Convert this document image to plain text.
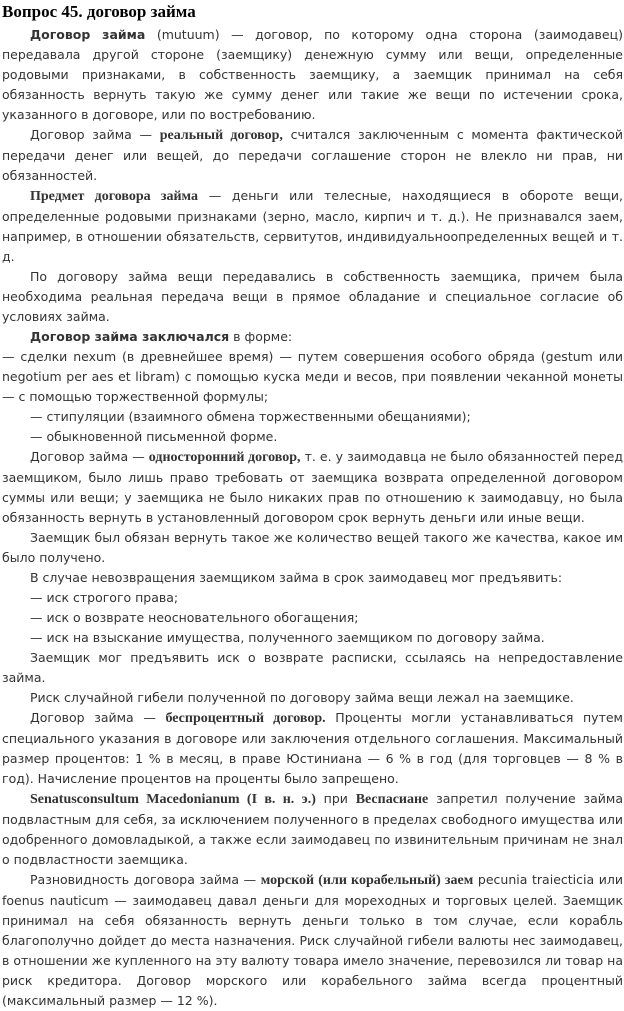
Вопрос 45. договор займа

Договор займа (mutuum) — договор, по которому одна сторона (заимодавец) передавала другой стороне (заемщику) денежную сумму или вещи, определенные родовыми признаками, в собственность заемщику, а заемщик принимал на себя обязанность вернуть такую же сумму денег или такие же вещи по истечении срока, указанного в договоре, или по востребованию.

Договор займа — реальный договор, считался заключенным с момента фактической передачи денег или вещей, до передачи соглашение сторон не влекло ни прав, ни обязанностей.

Предмет договора займа — деньги или телесные, находящиеся в обороте вещи, определенные родовыми признаками (зерно, масло, кирпич и т. д.). Не признавался заем, например, в отношении обязательств, сервитутов, индивидуальноопределенных вещей и т. д.

По договору займа вещи передавались в собственность заемщика, причем была необходима реальная передача вещи в прямое обладание и специальное согласие об условиях займа.

Договор займа заключался в форме:

— сделки nexum (в древнейшее время) — путем совершения особого обряда (gestum или negotium per aes et libram) с помощью куска меди и весов, при появлении чеканной монеты — с помощью торжественной формулы;

— стипуляции (взаимного обмена торжественными обещаниями);

— обыкновенной письменной форме.

Договор займа — односторонний договор, т. е. у заимодавца не было обязанностей перед заемщиком, было лишь право требовать от заемщика возврата определенной договором суммы или вещи; у заемщика не было никаких прав по отношению к заимодавцу, но была обязанность вернуть в установленный договором срок вернуть деньги или иные вещи.

Заемщик был обязан вернуть такое же количество вещей такого же качества, какое им было получено.

В случае невозвращения заемщиком займа в срок заимодавец мог предъявить:

— иск строгого права;

— иск о возврате неосновательного обогащения;

— иск на взыскание имущества, полученного заемщиком по договору займа.

Заемщик мог предъявить иск о возврате расписки, ссылаясь на непредоставление займа.

Риск случайной гибели полученной по договору займа вещи лежал на заемщике.

Договор займа — беспроцентный договор. Проценты могли устанавливаться путем специального указания в договоре или заключения отдельного соглашения. Максимальный размер процентов: 1 % в месяц, в праве Юстиниана — 6 % в год (для торговцев — 8 % в год). Начисление процентов на проценты было запрещено.

Senatusconsultum Macedonianum (I в. н. э.) при Веспасиане запретил получение займа подвластным для себя, за исключением полученного в пределах свободного имущества или одобренного домовладыкой, а также если заимодавец по извинительным причинам не знал о подвластности заемщика.

Разновидность договора займа — морской (или корабельный) заем pecunia traiecticia или foenus nauticum — заимодавец давал деньги для мореходных и торговых целей. Заемщик принимал на себя обязанность вернуть деньги только в том случае, если корабль благополучно дойдет до места назначения. Риск случайной гибели валюты нес заимодавец, в отношении же купленного на эту валюту товара имело значение, перевозился ли товар на риск кредитора. Договор морского или корабельного займа всегда процентный (максимальный размер — 12 %).
